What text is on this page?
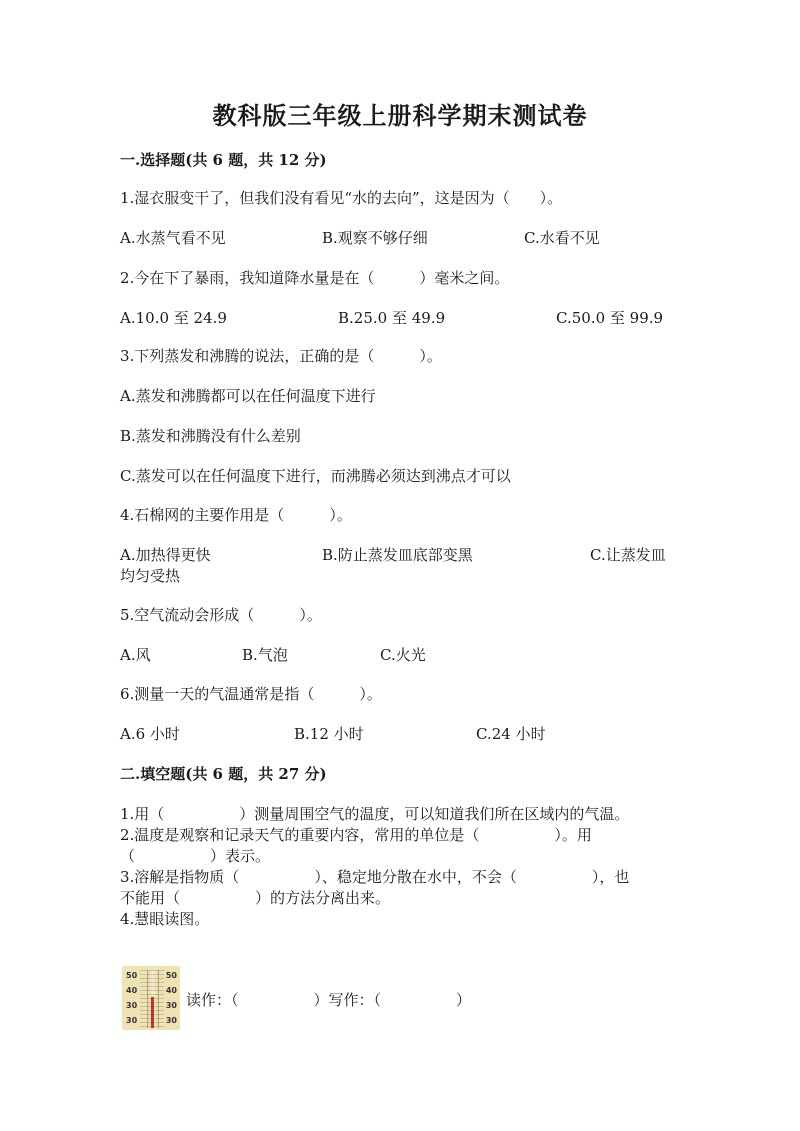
教科版三年级上册科学期末测试卷
一.选择题(共 6 题，共 12 分)
1.湿衣服变干了，但我们没有看见“水的去向”，这是因为（　　）。
A.水蒸气看不见	B.观察不够仔细	C.水看不见
2.今在下了暴雨，我知道降水量是在（　　　）毫米之间。
A.10.0 至 24.9	B.25.0 至 49.9	C.50.0 至 99.9
3.下列蒸发和沸腾的说法，正确的是（　　　）。
A.蒸发和沸腾都可以在任何温度下进行
B.蒸发和沸腾没有什么差别
C.蒸发可以在任何温度下进行，而沸腾必须达到沸点才可以
4.石棉网的主要作用是（　　　）。
A.加热得更快	B.防止蒸发皿底部变黑	C.让蒸发皿
均匀受热
5.空气流动会形成（　　　）。
A.风	B.气泡	C.火光
6.测量一天的气温通常是指（　　　）。
A.6 小时	B.12 小时	C.24 小时
二.填空题(共 6 题，共 27 分)
1.用（　　　　　）测量周围空气的温度，可以知道我们所在区域内的气温。
2.温度是观察和记录天气的重要内容，常用的单位是（　　　　　）。用
（　　　　　）表示。
3.溶解是指物质（　　　　　）、稳定地分散在水中，不会（　　　　　），也
不能用（　　　　　）的方法分离出来。
4.慧眼读图。
50
40
30
30
50
40
30
30
读作：（　　　　　）写作：（　　　　　）
